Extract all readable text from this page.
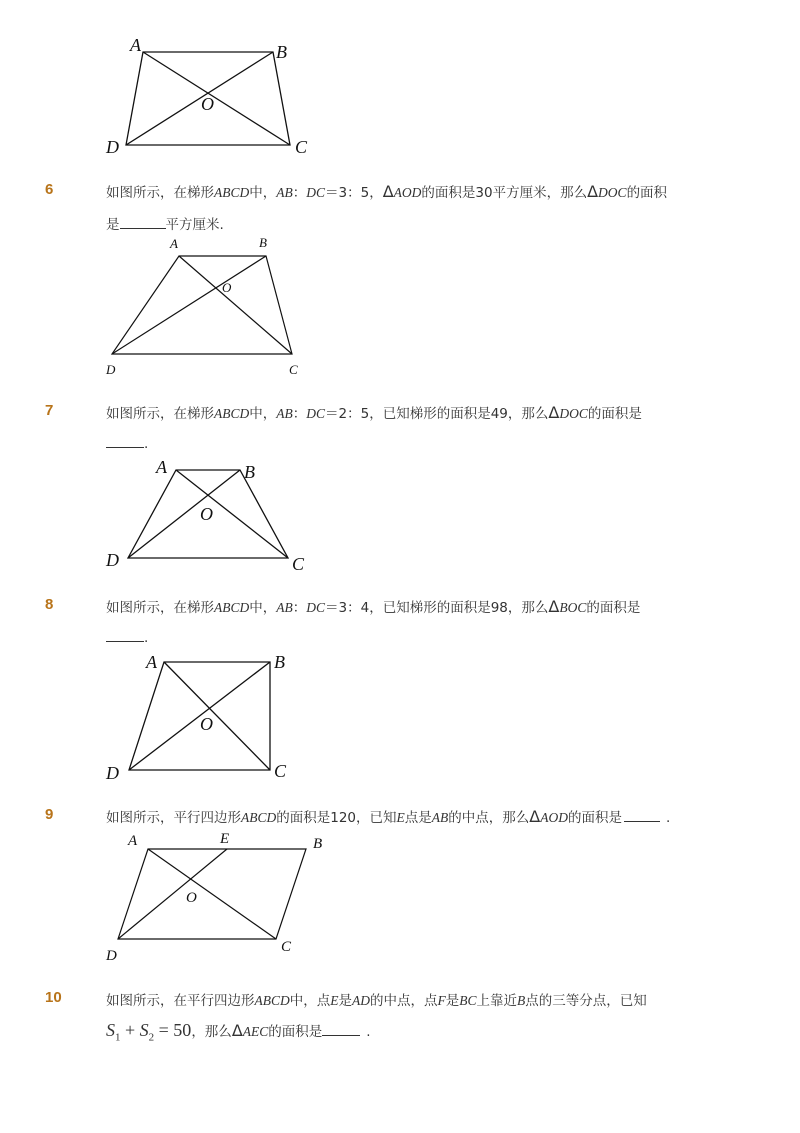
A	B
O
D	C
6	如图所示，在梯形ABCD中，AB：DC＝3：5，ΔAOD的面积是30平方厘米，那么ΔDOC的面积
是	平方厘米.
A	B
O
D	C
7	如图所示，在梯形ABCD中，AB：DC＝2：5，已知梯形的面积是49，那么ΔDOC的面积是
.
A	B
O
D	C
8	如图所示，在梯形ABCD中，AB：DC＝3：4，已知梯形的面积是98，那么ΔBOC的面积是
.
A	B
O
D	C
9	如图所示，平行四边形ABCD的面积是120，已知E点是AB的中点，那么ΔAOD的面积是	.
A	E	B
O
D
C
10	如图所示，在平行四边形ABCD中，点E是AD的中点，点F是BC上靠近B点的三等分点，已知
$S_1 + S_2 = 50$，那么ΔAEC的面积是	.
